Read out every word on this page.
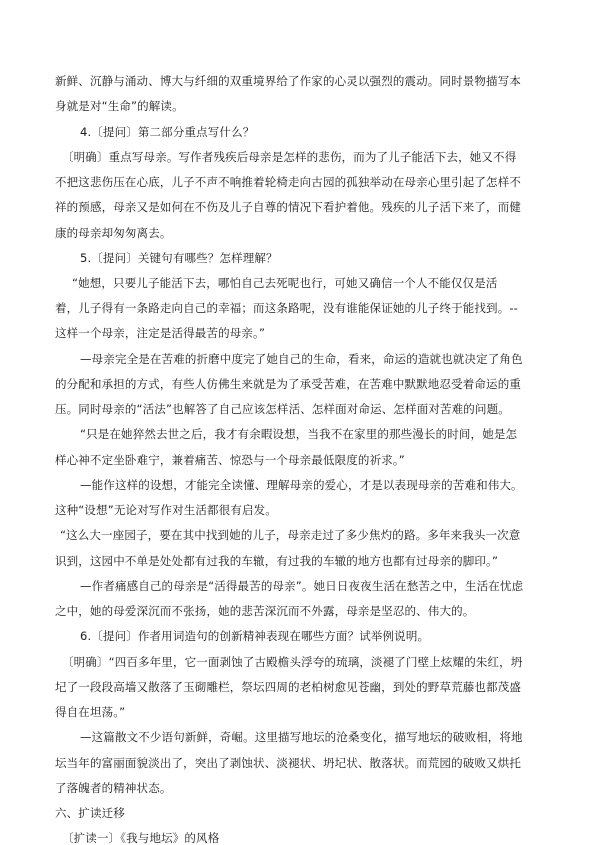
新鲜、沉静与涌动、博大与纤细的双重境界给了作家的心灵以强烈的震动。同时景物描写本
身就是对“生命”的解读。
4.〔提问〕第二部分重点写什么？
〔明确〕重点写母亲。写作者残疾后母亲是怎样的悲伤，而为了儿子能活下去，她又不得
不把这悲伤压在心底，儿子不声不响推着轮椅走向古园的孤独举动在母亲心里引起了怎样不
祥的预感，母亲又是如何在不伤及儿子自尊的情况下看护着他。残疾的儿子活下来了，而健
康的母亲却匆匆离去。
5.〔提问〕关键句有哪些？怎样理解？
“她想，只要儿子能活下去，哪怕自己去死呢也行，可她又确信一个人不能仅仅是活
着，儿子得有一条路走向自己的幸福；而这条路呢，没有谁能保证她的儿子终于能找到。--
这样一个母亲，注定是活得最苦的母亲。”
—母亲完全是在苦难的折磨中度完了她自己的生命，看来，命运的造就也就决定了角色
的分配和承担的方式，有些人仿佛生来就是为了承受苦难，在苦难中默默地忍受着命运的重
压。同时母亲的“活法”也解答了自己应该怎样活、怎样面对命运、怎样面对苦难的问题。
“只是在她猝然去世之后，我才有余暇设想，当我不在家里的那些漫长的时间，她是怎
样心神不定坐卧难宁，兼着痛苦、惊恐与一个母亲最低限度的祈求。”
—能作这样的设想，才能完全读懂、理解母亲的爱心，才是以表现母亲的苦难和伟大。
这种“设想”无论对写作对生活都很有启发。
“这么大一座园子，要在其中找到她的儿子，母亲走过了多少焦灼的路。多年来我头一次意
识到，这园中不单是处处都有过我的车辙，有过我的车辙的地方也都有过母亲的脚印。”
—作者痛感自己的母亲是“活得最苦的母亲”。她日日夜夜生活在愁苦之中，生活在忧虑
之中，她的母爱深沉而不张扬，她的悲苦深沉而不外露，母亲是坚忍的、伟大的。
6.〔提问〕作者用词造句的创新精神表现在哪些方面？试举例说明。
〔明确〕“四百多年里，它一面剥蚀了古殿檐头浮夸的琉璃，淡褪了门壁上炫耀的朱红，坍
圮了一段段高墙又散落了玉砌雕栏，祭坛四周的老柏树愈见苍幽，到处的野草荒藤也都茂盛
得自在坦荡。”
—这篇散文不少语句新鲜，奇崛。这里描写地坛的沧桑变化，描写地坛的破败相，将地
坛当年的富丽面貌淡出了，突出了剥蚀状、淡褪状、坍圮状、散落状。而荒园的破败又烘托
了落魄者的精神状态。
六、扩读迁移
〔扩读一〕《我与地坛》的风格
